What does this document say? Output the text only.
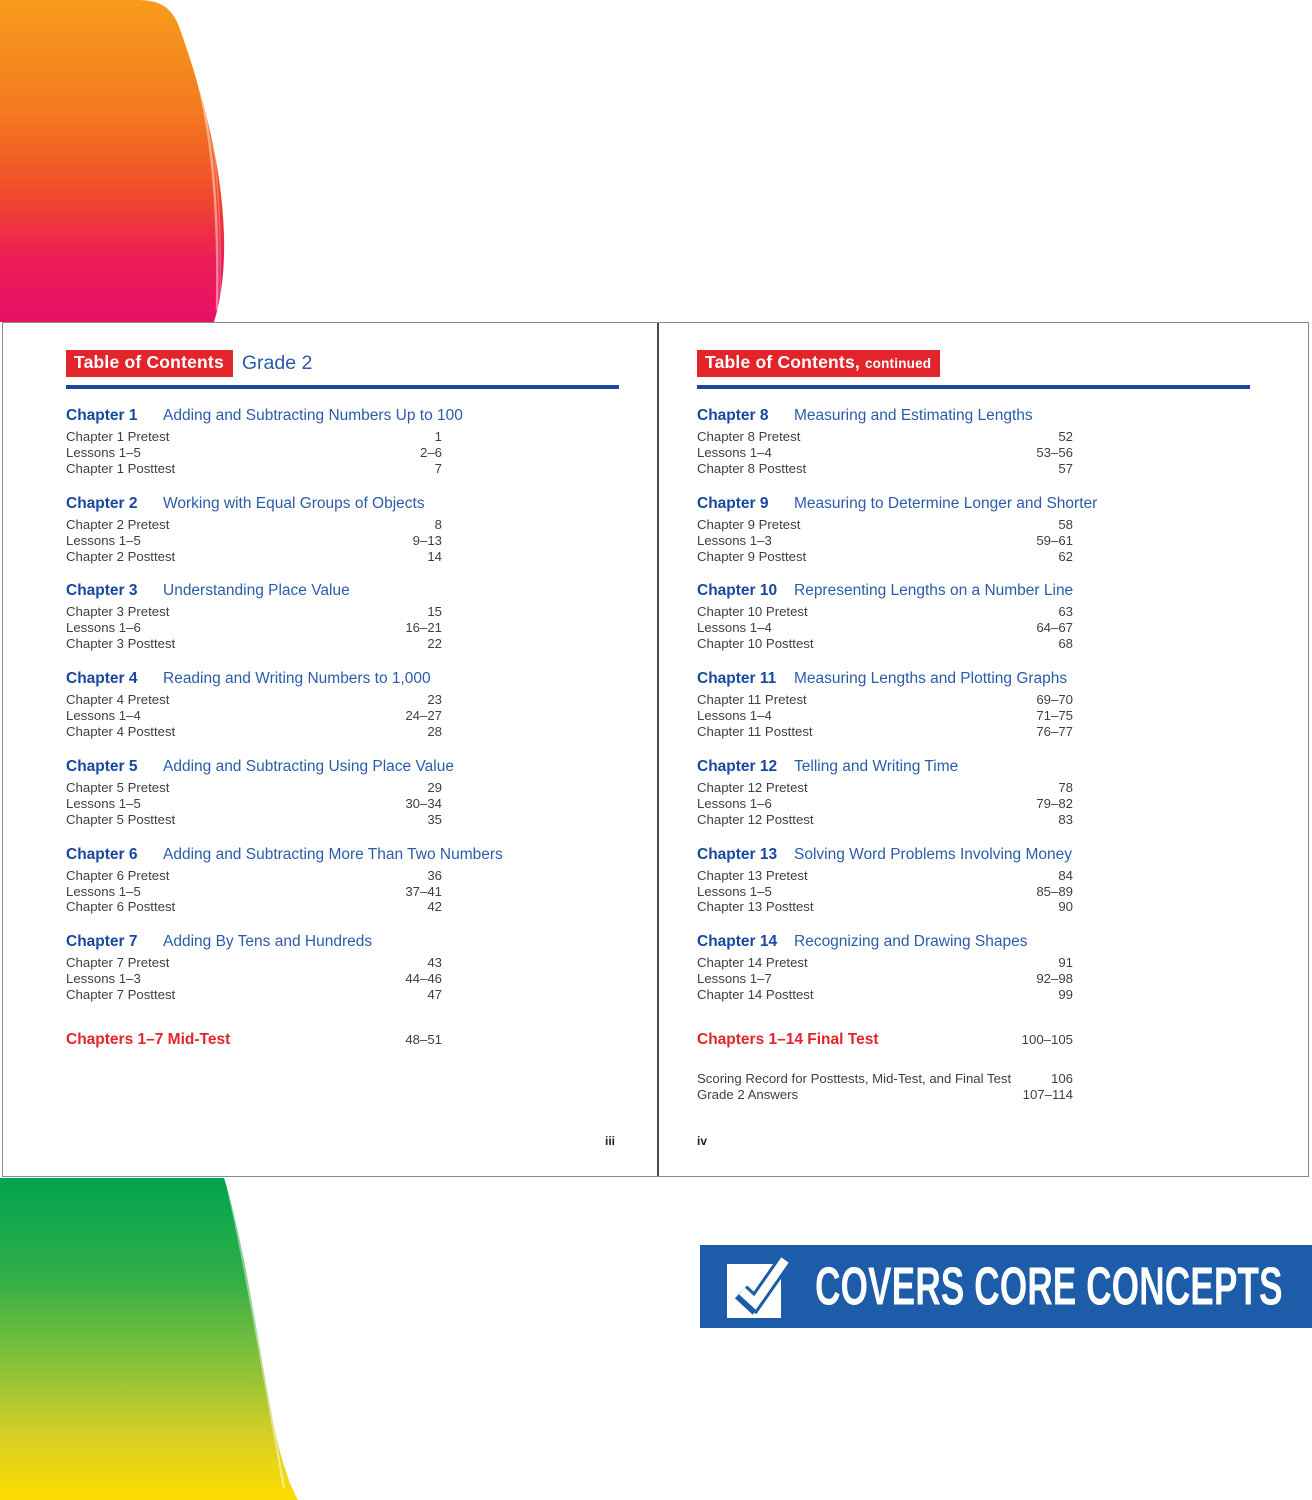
Table of Contents Grade 2
Chapter 1 Adding and Subtracting Numbers Up to 100
Chapter 1 Pretest	1
Lessons 1–5	2–6
Chapter 1 Posttest	7
Chapter 2 Working with Equal Groups of Objects
Chapter 2 Pretest	8
Lessons 1–5	9–13
Chapter 2 Posttest	14
Chapter 3 Understanding Place Value
Chapter 3 Pretest	15
Lessons 1–6	16–21
Chapter 3 Posttest	22
Chapter 4 Reading and Writing Numbers to 1,000
Chapter 4 Pretest	23
Lessons 1–4	24–27
Chapter 4 Posttest	28
Chapter 5 Adding and Subtracting Using Place Value
Chapter 5 Pretest	29
Lessons 1–5	30–34
Chapter 5 Posttest	35
Chapter 6 Adding and Subtracting More Than Two Numbers
Chapter 6 Pretest	36
Lessons 1–5	37–41
Chapter 6 Posttest	42
Chapter 7 Adding By Tens and Hundreds
Chapter 7 Pretest	43
Lessons 1–3	44–46
Chapter 7 Posttest	47
Chapters 1–7 Mid-Test	48–51
iii
Table of Contents, continued
Chapter 8 Measuring and Estimating Lengths
Chapter 8 Pretest	52
Lessons 1–4	53–56
Chapter 8 Posttest	57
Chapter 9 Measuring to Determine Longer and Shorter
Chapter 9 Pretest	58
Lessons 1–3	59–61
Chapter 9 Posttest	62
Chapter 10 Representing Lengths on a Number Line
Chapter 10 Pretest	63
Lessons 1–4	64–67
Chapter 10 Posttest	68
Chapter 11 Measuring Lengths and Plotting Graphs
Chapter 11 Pretest	69–70
Lessons 1–4	71–75
Chapter 11 Posttest	76–77
Chapter 12 Telling and Writing Time
Chapter 12 Pretest	78
Lessons 1–6	79–82
Chapter 12 Posttest	83
Chapter 13 Solving Word Problems Involving Money
Chapter 13 Pretest	84
Lessons 1–5	85–89
Chapter 13 Posttest	90
Chapter 14 Recognizing and Drawing Shapes
Chapter 14 Pretest	91
Lessons 1–7	92–98
Chapter 14 Posttest	99
Chapters 1–14 Final Test	100–105
Scoring Record for Posttests, Mid-Test, and Final Test	106
Grade 2 Answers	107–114
iv
COVERS CORE CONCEPTS
